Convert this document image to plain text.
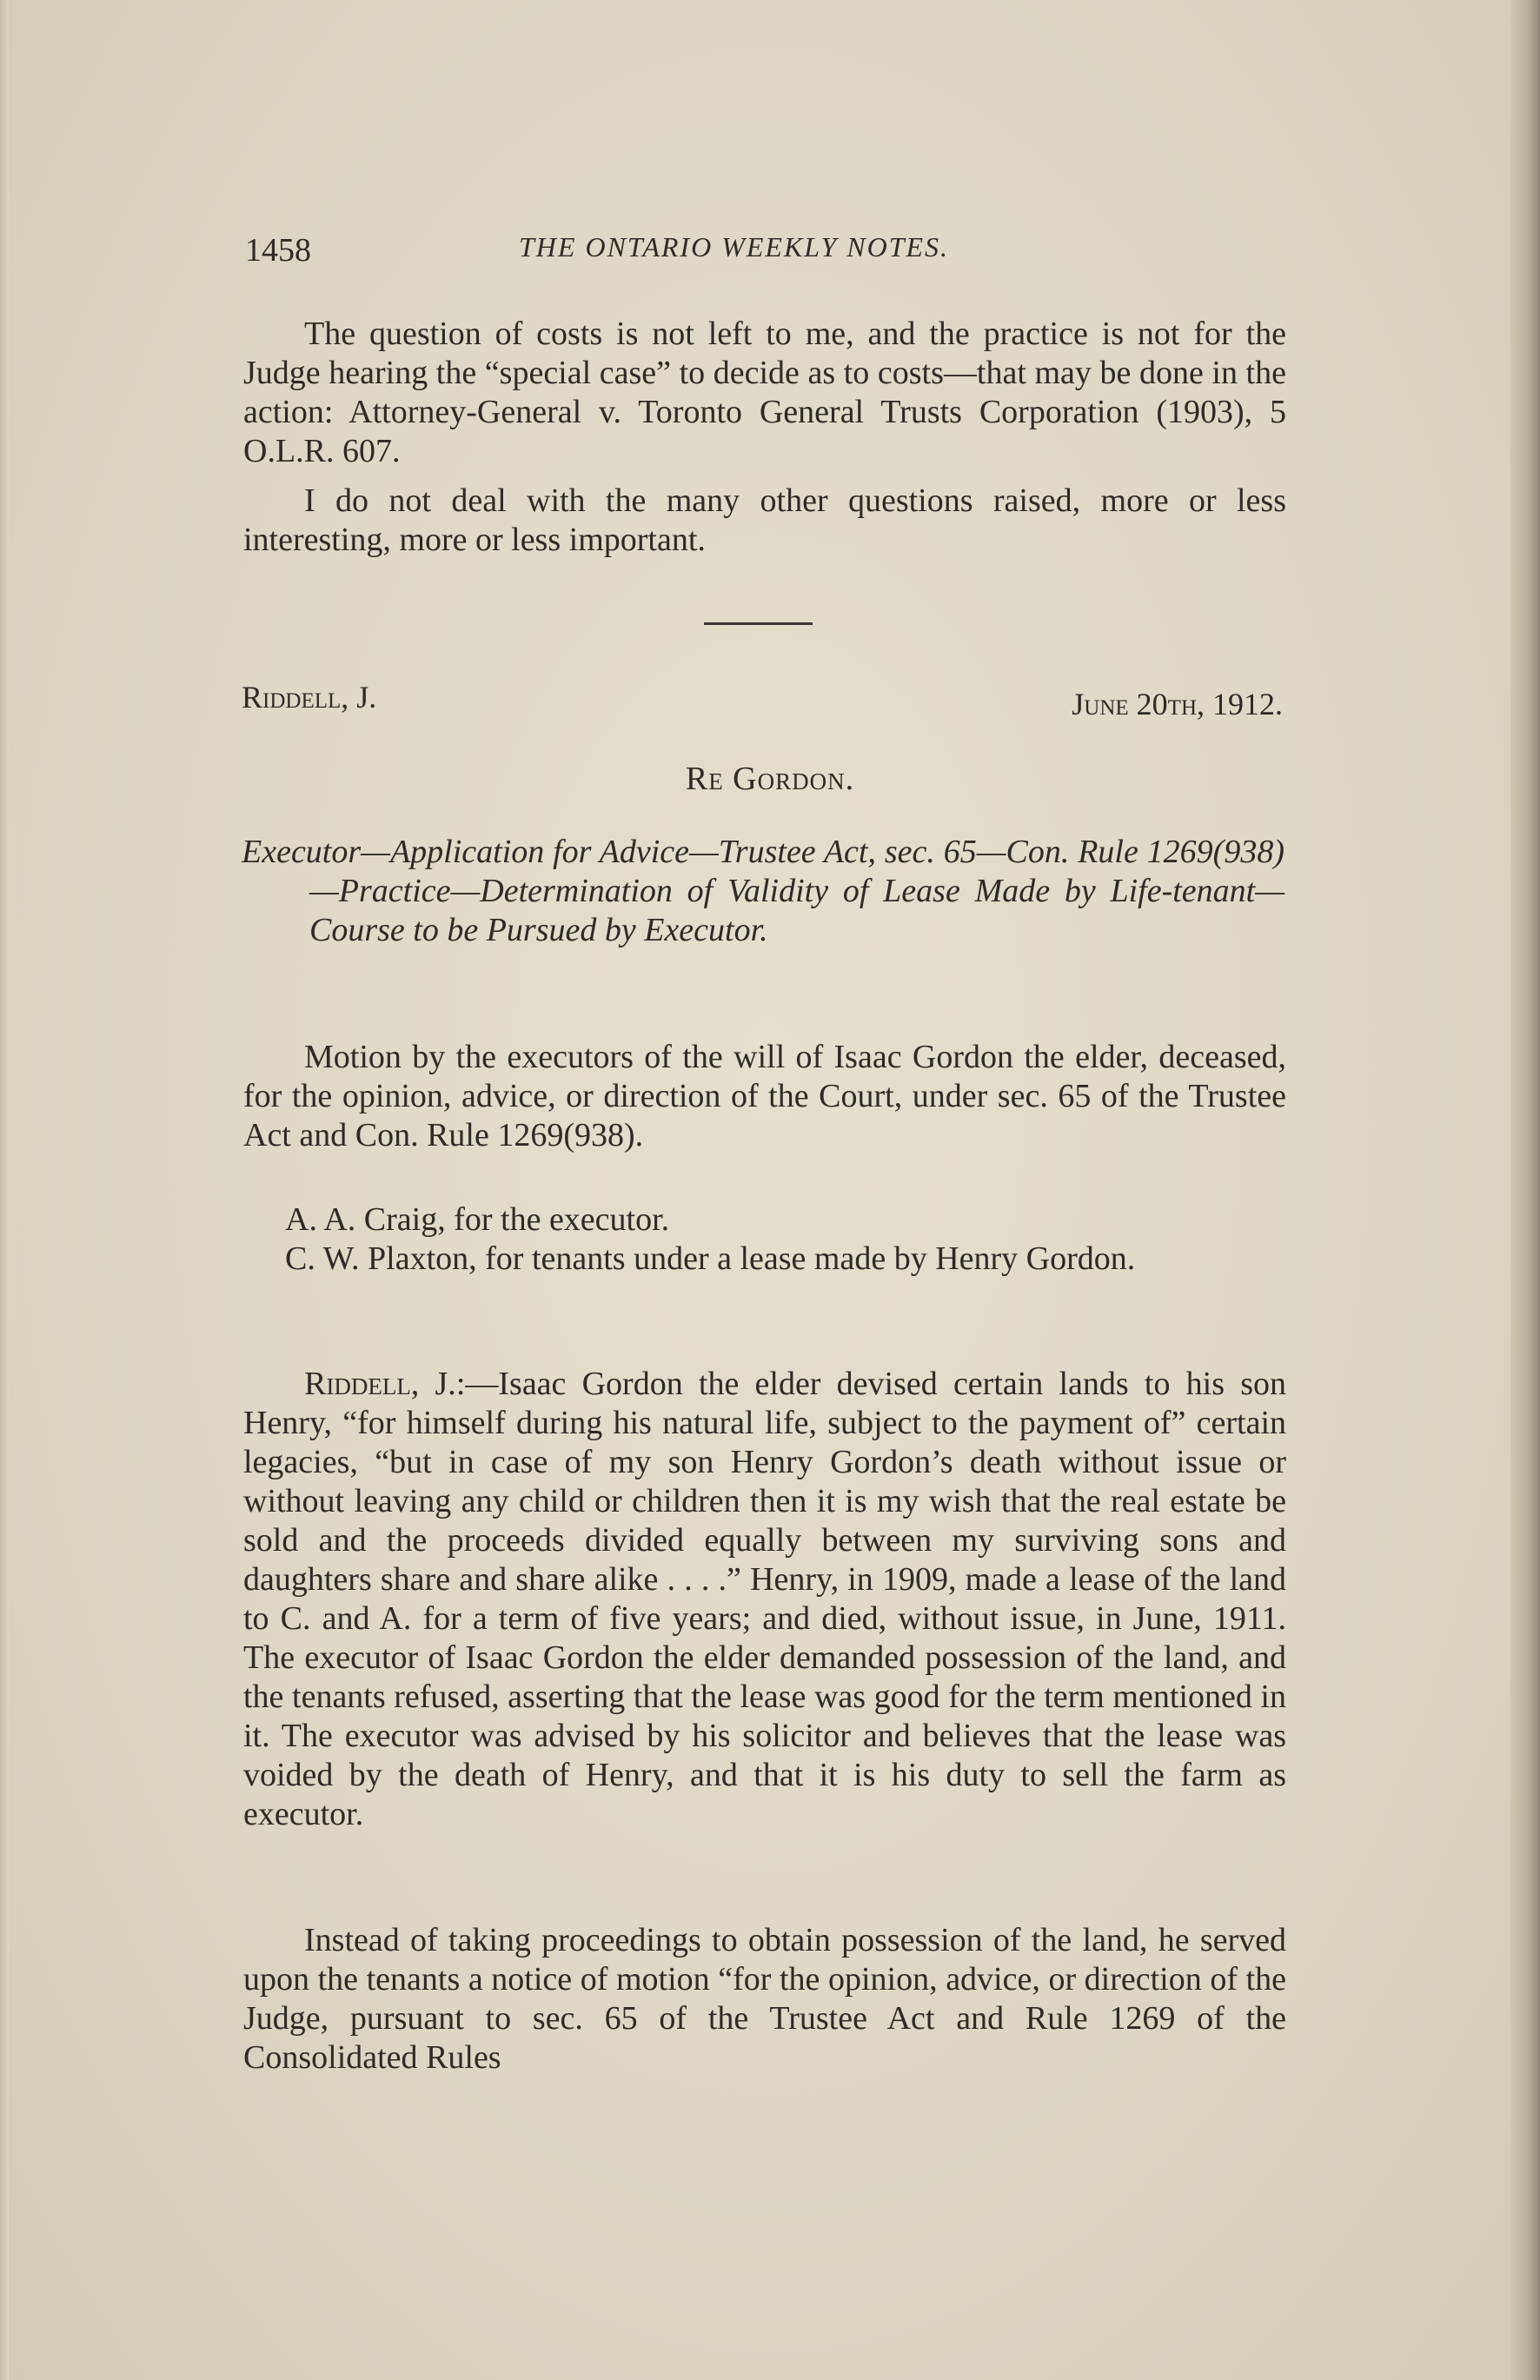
1458	THE ONTARIO WEEKLY NOTES.

The question of costs is not left to me, and the practice is not for the Judge hearing the “special case” to decide as to costs—that may be done in the action: Attorney-General v. Toronto General Trusts Corporation (1903), 5 O.L.R. 607.

I do not deal with the many other questions raised, more or less interesting, more or less important.

Riddell, J.	June 20th, 1912.
Re Gordon.

Executor—Application for Advice—Trustee Act, sec. 65—Con. Rule 1269(938)—Practice—Determination of Validity of Lease Made by Life-tenant—Course to be Pursued by Executor.

Motion by the executors of the will of Isaac Gordon the elder, deceased, for the opinion, advice, or direction of the Court, under sec. 65 of the Trustee Act and Con. Rule 1269(938).

A. A. Craig, for the executor.

C. W. Plaxton, for tenants under a lease made by Henry Gordon.

Riddell, J.:—Isaac Gordon the elder devised certain lands to his son Henry, “for himself during his natural life, subject to the payment of” certain legacies, “but in case of my son Henry Gordon’s death without issue or without leaving any child or children then it is my wish that the real estate be sold and the proceeds divided equally between my surviving sons and daughters share and share alike . . . .” Henry, in 1909, made a lease of the land to C. and A. for a term of five years; and died, without issue, in June, 1911. The executor of Isaac Gordon the elder demanded possession of the land, and the tenants refused, asserting that the lease was good for the term mentioned in it. The executor was advised by his solicitor and believes that the lease was voided by the death of Henry, and that it is his duty to sell the farm as executor.

Instead of taking proceedings to obtain possession of the land, he served upon the tenants a notice of motion “for the opinion, advice, or direction of the Judge, pursuant to sec. 65 of the Trustee Act and Rule 1269 of the Consolidated Rules
